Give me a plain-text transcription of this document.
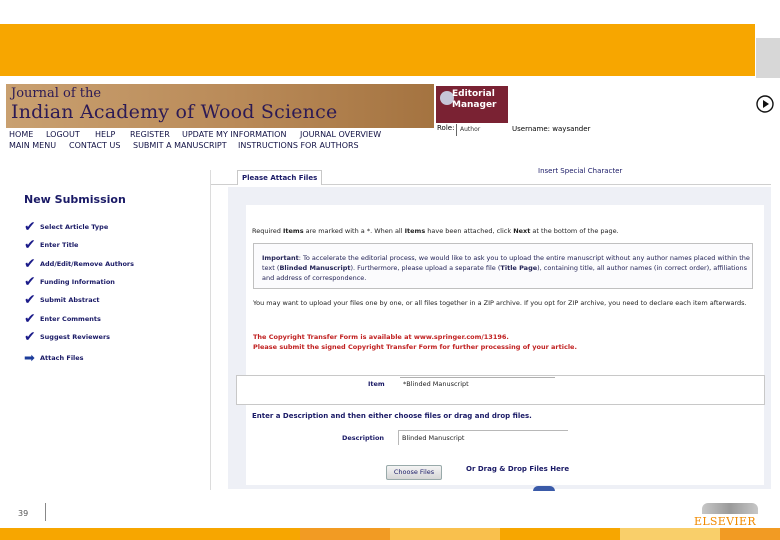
Journal of the
Indian Academy of Wood Science
Editorial
Manager
Role: Author	Username: waysander
HOME LOGOUT HELP REGISTER UPDATE MY INFORMATION JOURNAL OVERVIEW
MAIN MENU CONTACT US SUBMIT A MANUSCRIPT INSTRUCTIONS FOR AUTHORS
New Submission
✔ Select Article Type
✔ Enter Title
✔ Add/Edit/Remove Authors
✔ Funding Information
✔ Submit Abstract
✔ Enter Comments
✔ Suggest Reviewers
➡ Attach Files
Please Attach Files
Insert Special Character
Required Items are marked with a *. When all Items have been attached, click Next at the bottom of the page.
Important: To accelerate the editorial process, we would like to ask you to upload the entire manuscript without any author names placed within the text (Blinded Manuscript). Furthermore, please upload a separate file (Title Page), containing title, all author names (in correct order), affiliations and address of correspondence.
You may want to upload your files one by one, or all files together in a ZIP archive. If you opt for ZIP archive, you need to declare each item afterwards.
The Copyright Transfer Form is available at www.springer.com/13196.
Please submit the signed Copyright Transfer Form for further processing of your article.
Item	*Blinded Manuscript
Enter a Description and then either choose files or drag and drop files.
Description	Blinded Manuscript
Choose Files	Or Drag & Drop Files Here
39
ELSEVIER
